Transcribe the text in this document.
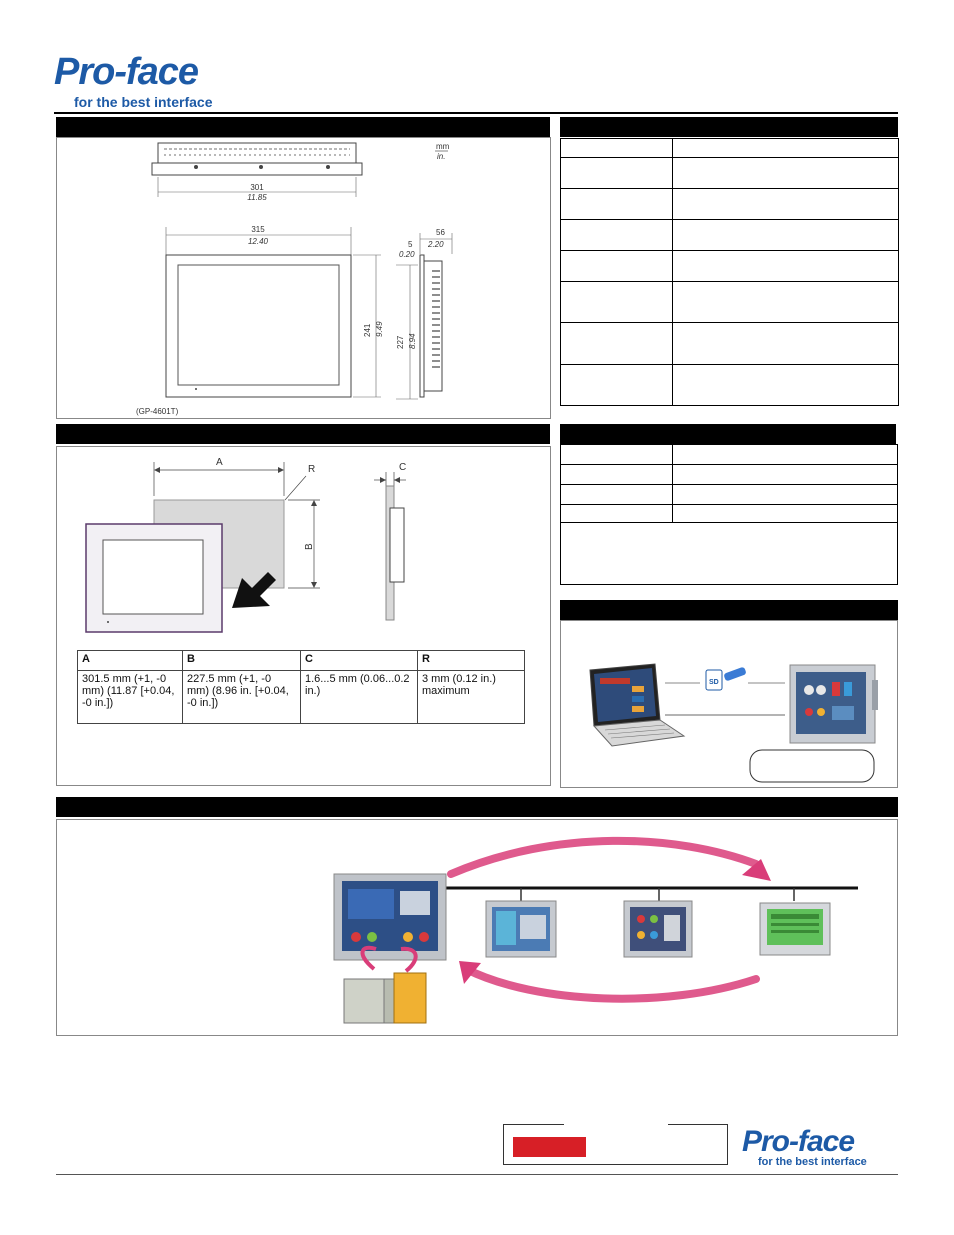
Pro-face
for the best interface
301
11.85
mm
in.
315
12.40
241 9.49
227 8.94
56
2.20
5
0.20
(GP-4601T)
A
R
B
C
A	B	C	R
301.5 mm (+1, -0 mm) (11.87 [+0.04, -0 in.])	227.5 mm (+1, -0 mm) (8.96 in. [+0.04, -0 in.])	1.6...5 mm (0.06...0.2 in.)	3 mm (0.12 in.) maximum
SD
Pro-face
for the best interface
